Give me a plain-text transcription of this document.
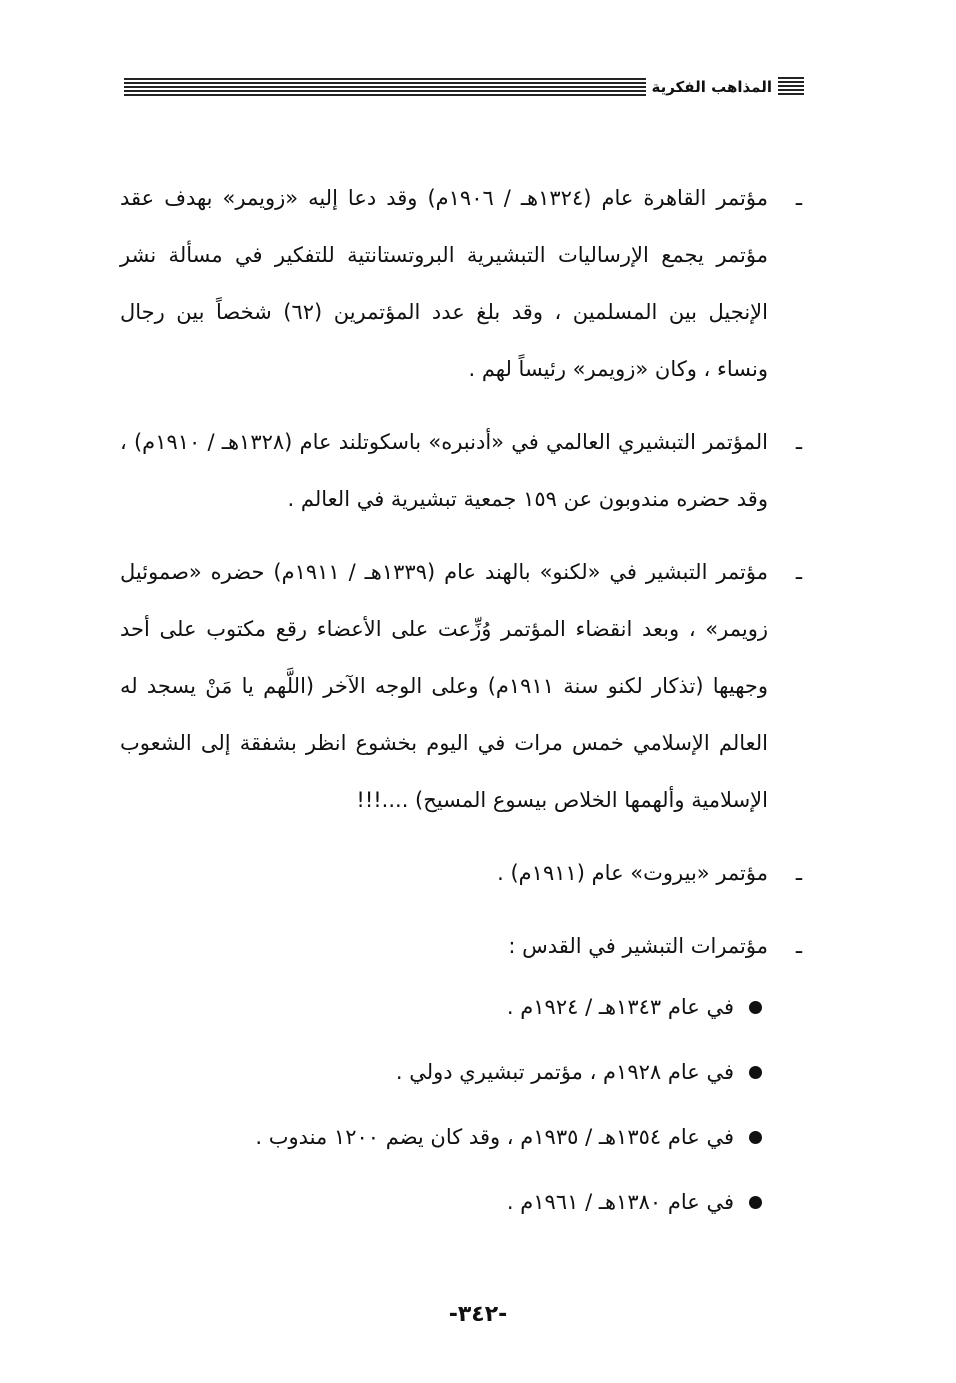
المذاهب الفكرية
ـ
مؤتمر القاهرة عام (١٣٢٤هـ / ١٩٠٦م) وقد دعا إليه «زويمر» بهدف عقد مؤتمر يجمع الإرساليات التبشيرية البروتستانتية للتفكير في مسألة نشر الإنجيل بين المسلمين ، وقد بلغ عدد المؤتمرين (٦٢) شخصاً بين رجال ونساء ، وكان «زويمر» رئيساً لهم .
ـ
المؤتمر التبشيري العالمي في «أدنبره» باسكوتلند عام (١٣٢٨هـ / ١٩١٠م) ، وقد حضره مندوبون عن ١٥٩ جمعية تبشيرية في العالم .
ـ
مؤتمر التبشير في «لكنو» بالهند عام (١٣٣٩هـ / ١٩١١م) حضره «صموئيل زويمر» ، وبعد انقضاء المؤتمر وُزِّعت على الأعضاء رقع مكتوب على أحد وجهيها (تذكار لكنو سنة ١٩١١م) وعلى الوجه الآخر (اللَّهم يا مَنْ يسجد له العالم الإسلامي خمس مرات في اليوم بخشوع انظر بشفقة إلى الشعوب الإسلامية وألهمها الخلاص بيسوع المسيح) ....!!!
ـ
مؤتمر «بيروت» عام (١٩١١م) .
ـ
مؤتمرات التبشير في القدس :
في عام ١٣٤٣هـ / ١٩٢٤م .
في عام ١٩٢٨م ، مؤتمر تبشيري دولي .
في عام ١٣٥٤هـ / ١٩٣٥م ، وقد كان يضم ١٢٠٠ مندوب .
في عام ١٣٨٠هـ / ١٩٦١م .
-٣٤٢-
